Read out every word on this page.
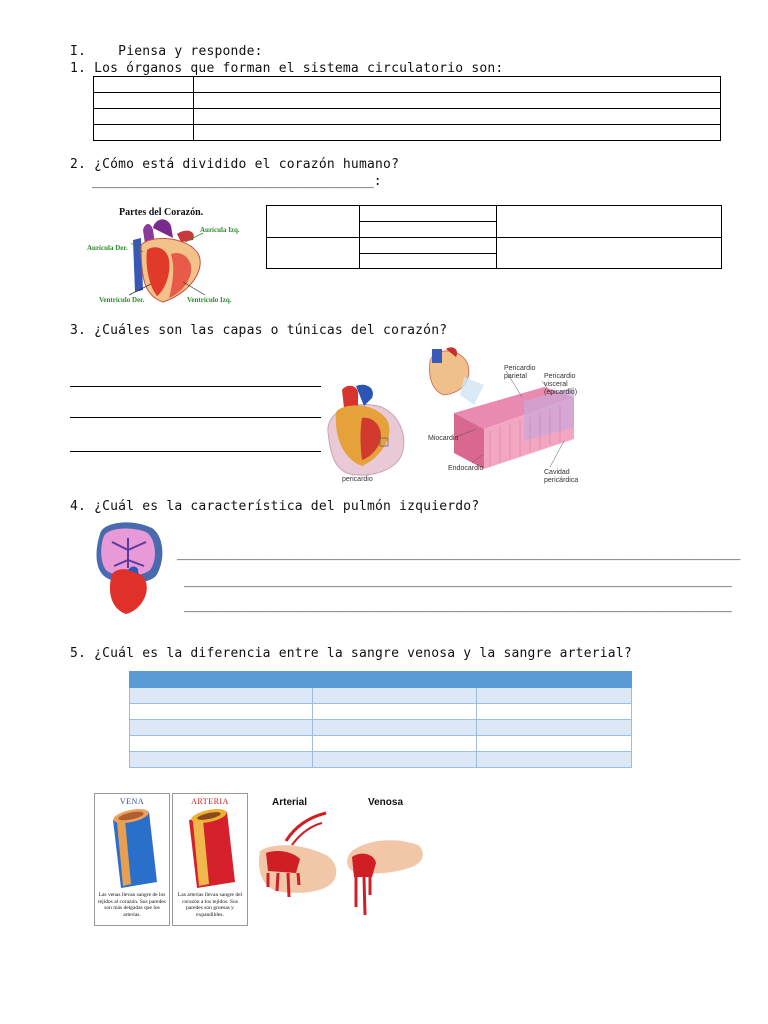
I. Piensa y responde:
1. Los órganos que forman el sistema circulatorio son:

2. ¿Cómo está dividido el corazón humano?
____________________________________:
Partes del Corazón.
Aurícula Der.
Aurícula Izq.
Ventrículo Der.	Ventrículo Izq.

3. ¿Cuáles son las capas o túnicas del corazón?
pericardio
Pericardio parietal	Pericardio visceral (epicardio)
Miocardio
Endocardio
Cavidad pericárdica
4. ¿Cuál es la característica del pulmón izquierdo?
________________________________________________________________________
______________________________________________________________________
______________________________________________________________________
5. ¿Cuál es la diferencia entre la sangre venosa y la sangre arterial?

VENA
Las venas llevan sangre de los tejidos al corazón. Sus paredes son más delgadas que los arterias.
ARTERIA
Las arterias llevan sangre del corazón a los tejidos. Sus paredes son gruesas y expandibles.
Arterial	Venosa
